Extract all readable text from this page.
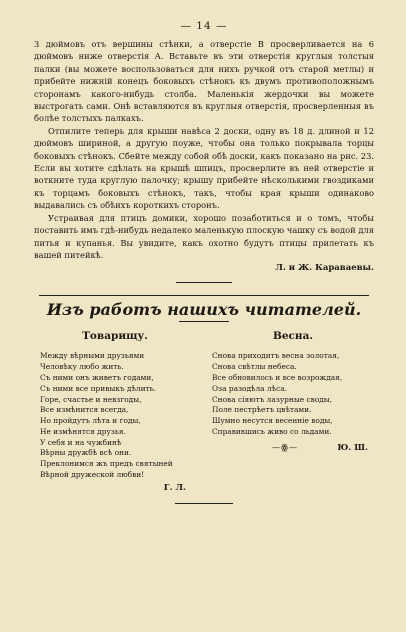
— 14 —

3 дюймовъ отъ вершины стѣнки, а отверстіе В просверливается на 6 дюймовъ ниже отверстія А. Вставьте въ эти отверстія круглыя толстыя палки (вы можете воспользоваться для нихъ ручкой отъ старой метлы) и прибейте нижній конецъ боковыхъ стѣнокъ къ двумъ противоположнымъ сторонамъ какого-нибудь столба. Маленькія жердочки вы можете выстрогать сами. Онѣ вставляются въ круглыя отверстія, просверленныя въ болѣе толстыхъ палкахъ.

Отпилите теперь для крыши навѣса 2 доски, одну въ 18 д. длиной и 12 дюймовъ шириной, а другую поуже, чтобы она только покрывала торцы боковыхъ стѣнокъ. Сбейте между собой обѣ доски, какъ показано на рис. 23. Если вы хотите сдѣлать на крышѣ шпицъ, просверлите въ ней отверстіе и воткните туда круглую палочку; крышу прибейте нѣсколькими гвоздиками къ торцамъ боковыхъ стѣнокъ, такъ, чтобы края крыши одинаково выдавались съ обѣихъ короткихъ сторонъ.

Устраивая для птицъ домики, хорошо позаботиться и о томъ, чтобы поставить имъ гдѣ-нибудь недалеко маленькую плоскую чашку съ водой для питья и купанья. Вы увидите, какъ охотно будутъ птицы прилетать къ вашей питейкѣ.

Л. и Ж. Караваевы.

Изъ работъ нашихъ читателей.
Товарищу.
Между вѣрными друзьями
Человѣку любо жить.
Съ ними онъ живетъ годами,
Съ ними все привыкъ дѣлить.
Горе, счастье и невзгоды,
Все измѣнится всегда,
Но пройдутъ лѣта и годы,
Не измѣнятся друзья.
У себя и на чужбинѣ
Вѣрны дружбѣ всѣ они.
Преклонимся жъ предъ святыней
Вѣрной дружеской любви!
Г. Л.
Весна.
Снова приходитъ весна золотая,
Снова свѣтлы небеса.
Все обновилось и все возрождая,
Оза разодѣла лѣса.
Снова сіяютъ лазурные своды,
Поле пестрѣетъ цвѣтами.
Шумно несутся весенніе воды,
Справившись живо со льдами.
—ꙮ—	Ю. Ш.
